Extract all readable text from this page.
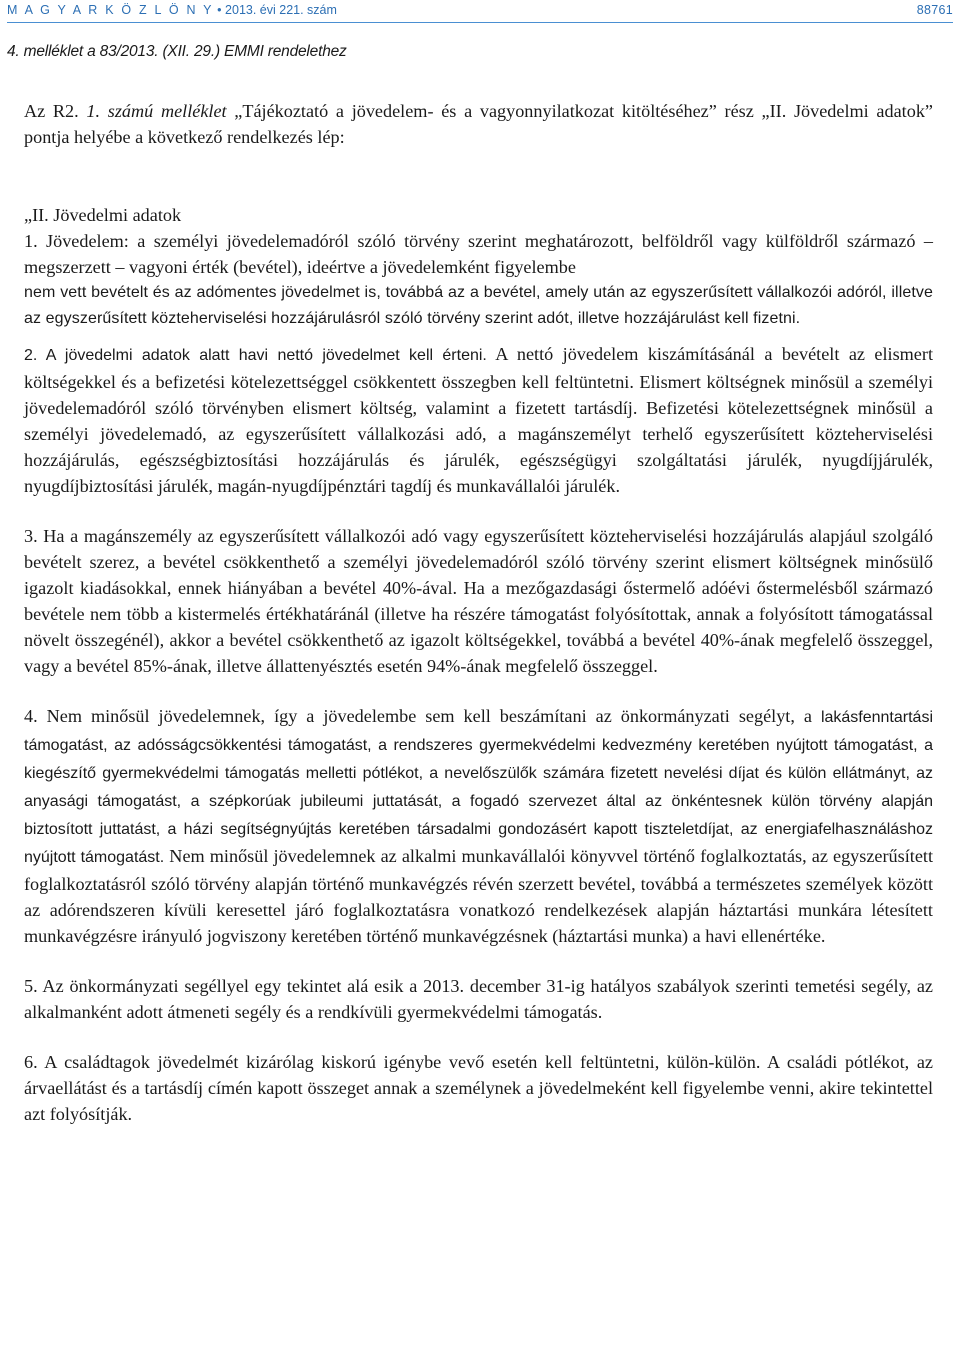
M A G Y A R K Ö Z L Ö N Y • 2013. évi 221. szám	88761
4. melléklet a 83/2013. (XII. 29.) EMMI rendelethez

Az R2. 1. számú melléklet „Tájékoztató a jövedelem- és a vagyonnyilatkozat kitöltéséhez” rész „II. Jövedelmi adatok” pontja helyébe a következő rendelkezés lép:

„II. Jövedelmi adatok

1. Jövedelem: a személyi jövedelemadóról szóló törvény szerint meghatározott, belföldről vagy külföldről származó – megszerzett – vagyoni érték (bevétel), ideértve a jövedelemként figyelembe

nem vett bevételt és az adómentes jövedelmet is, továbbá az a bevétel, amely után az egyszerűsített vállalkozói adóról, illetve az egyszerűsített közteherviselési hozzájárulásról szóló törvény szerint adót, illetve hozzájárulást kell fizetni.

2. A jövedelmi adatok alatt havi nettó jövedelmet kell érteni. A nettó jövedelem kiszámításánál a bevételt az elismert költségekkel és a befizetési kötelezettséggel csökkentett összegben kell feltüntetni. Elismert költségnek minősül a személyi jövedelemadóról szóló törvényben elismert költség, valamint a fizetett tartásdíj. Befizetési kötelezettségnek minősül a személyi jövedelemadó, az egyszerűsített vállalkozási adó, a magánszemélyt terhelő egyszerűsített közteherviselési hozzájárulás, egészségbiztosítási hozzájárulás és járulék, egészségügyi szolgáltatási járulék, nyugdíjjárulék, nyugdíjbiztosítási járulék, magán-nyugdíjpénztári tagdíj és munkavállalói járulék.

3. Ha a magánszemély az egyszerűsített vállalkozói adó vagy egyszerűsített közteherviselési hozzájárulás alapjául szolgáló bevételt szerez, a bevétel csökkenthető a személyi jövedelemadóról szóló törvény szerint elismert költségnek minősülő igazolt kiadásokkal, ennek hiányában a bevétel 40%-ával. Ha a mezőgazdasági őstermelő adóévi őstermelésből származó bevétele nem több a kistermelés értékhatáránál (illetve ha részére támogatást folyósítottak, annak a folyósított támogatással növelt összegénél), akkor a bevétel csökkenthető az igazolt költségekkel, továbbá a bevétel 40%-ának megfelelő összeggel, vagy a bevétel 85%-ának, illetve állattenyésztés esetén 94%-ának megfelelő összeggel.

4. Nem minősül jövedelemnek, így a jövedelembe sem kell beszámítani az önkormányzati segélyt, a lakásfenntartási támogatást, az adósságcsökkentési támogatást, a rendszeres gyermekvédelmi kedvezmény keretében nyújtott támogatást, a kiegészítő gyermekvédelmi támogatás melletti pótlékot, a nevelőszülők számára fizetett nevelési díjat és külön ellátmányt, az anyasági támogatást, a szépkorúak jubileumi juttatását, a fogadó szervezet által az önkéntesnek külön törvény alapján biztosított juttatást, a házi segítségnyújtás keretében társadalmi gondozásért kapott tiszteletdíjat, az energiafelhasználáshoz nyújtott támogatást. Nem minősül jövedelemnek az alkalmi munkavállalói könyvvel történő foglalkoztatás, az egyszerűsített foglalkoztatásról szóló törvény alapján történő munkavégzés révén szerzett bevétel, továbbá a természetes személyek között az adórendszeren kívüli keresettel járó foglalkoztatásra vonatkozó rendelkezések alapján háztartási munkára létesített munkavégzésre irányuló jogviszony keretében történő munkavégzésnek (háztartási munka) a havi ellenértéke.

5. Az önkormányzati segéllyel egy tekintet alá esik a 2013. december 31-ig hatályos szabályok szerinti temetési segély, az alkalmanként adott átmeneti segély és a rendkívüli gyermekvédelmi támogatás.

6. A családtagok jövedelmét kizárólag kiskorú igénybe vevő esetén kell feltüntetni, külön-külön. A családi pótlékot, az árvaellátást és a tartásdíj címén kapott összeget annak a személynek a jövedelmeként kell figyelembe venni, akire tekintettel azt folyósítják.
